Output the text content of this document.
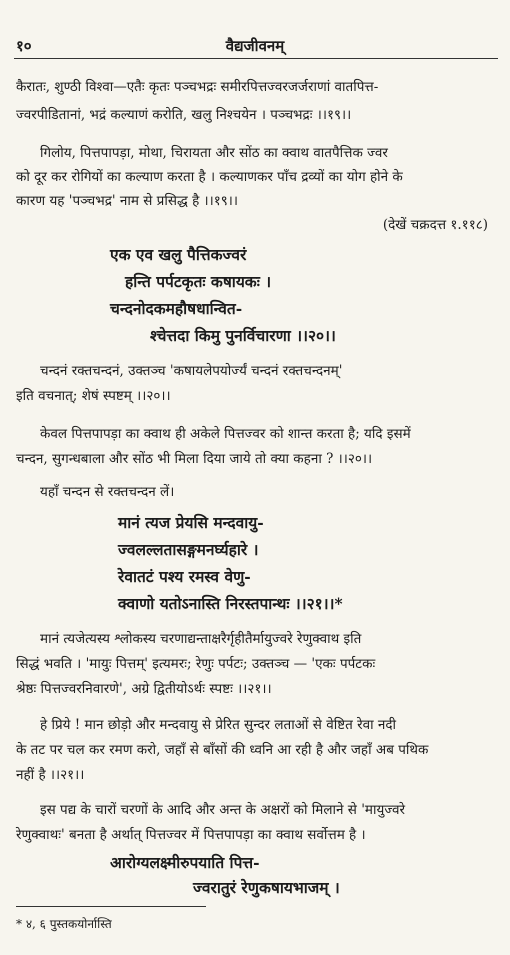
१०	वैद्यजीवनम्
कैरातः, शुण्ठी विश्वा—एतैः कृतः पञ्चभद्रः समीरपित्तज्वरजर्जराणां वातपित्त-
ज्वरपीडितानां, भद्रं कल्याणं करोति, खलु निश्चयेन । पञ्चभद्रः ।।१९।।
गिलोय, पित्तपापड़ा, मोथा, चिरायता और सोंठ का क्वाथ वातपैत्तिक ज्वर
को दूर कर रोगियों का कल्याण करता है । कल्याणकर पाँच द्रव्यों का योग होने के
कारण यह 'पञ्चभद्र' नाम से प्रसिद्ध है ।।१९।।
(देखें चक्रदत्त १.११८)
एक एव खलु पैत्तिकज्वरं
हन्ति पर्पटकृतः कषायकः ।
चन्दनोदकमहौषधान्वित-
श्चेत्तदा किमु पुनर्विचारणा ।।२०।।
चन्दनं रक्तचन्दनं, उक्तञ्च 'कषायलेपयोर्ज्यं चन्दनं रक्तचन्दनम्'
इति वचनात्; शेषं स्पष्टम् ।।२०।।
केवल पित्तपापड़ा का क्वाथ ही अकेले पित्तज्वर को शान्त करता है; यदि इसमें
चन्दन, सुगन्धबाला और सोंठ भी मिला दिया जाये तो क्या कहना ? ।।२०।।
यहाँ चन्दन से रक्तचन्दन लें।
मानं त्यज प्रेयसि मन्दवायु-
ज्वलल्लतासङ्गमनर्घ्यहारे ।
रेवातटं पश्य रमस्व वेणु-
क्वाणो यतोऽनास्ति निरस्तपान्थः ।।२१।।*
मानं त्यजेत्यस्य श्लोकस्य चरणाद्यन्ताक्षरैर्गृहीतैर्मायुज्वरे रेणुक्वाथ इति
सिद्धं भवति । 'मायुः पित्तम्' इत्यमरः; रेणुः पर्पटः; उक्तञ्च — 'एकः पर्पटकः
श्रेष्ठः पित्तज्वरनिवारणे', अग्रे द्वितीयोऽर्थः स्पष्टः ।।२१।।
हे प्रिये ! मान छोड़ो और मन्दवायु से प्रेरित सुन्दर लताओं से वेष्टित रेवा नदी
के तट पर चल कर रमण करो, जहाँ से बाँसों की ध्वनि आ रही है और जहाँ अब पथिक
नहीं है ।।२१।।
इस पद्य के चारों चरणों के आदि और अन्त के अक्षरों को मिलाने से 'मायुज्वरे
रेणुक्वाथः' बनता है अर्थात् पित्तज्वर में पित्तपापड़ा का क्वाथ सर्वोत्तम है ।
आरोग्यलक्ष्मीरुपयाति पित्त-
ज्वरातुरं रेणुकषायभाजम् ।
* ४, ६ पुस्तकयोर्नास्ति
